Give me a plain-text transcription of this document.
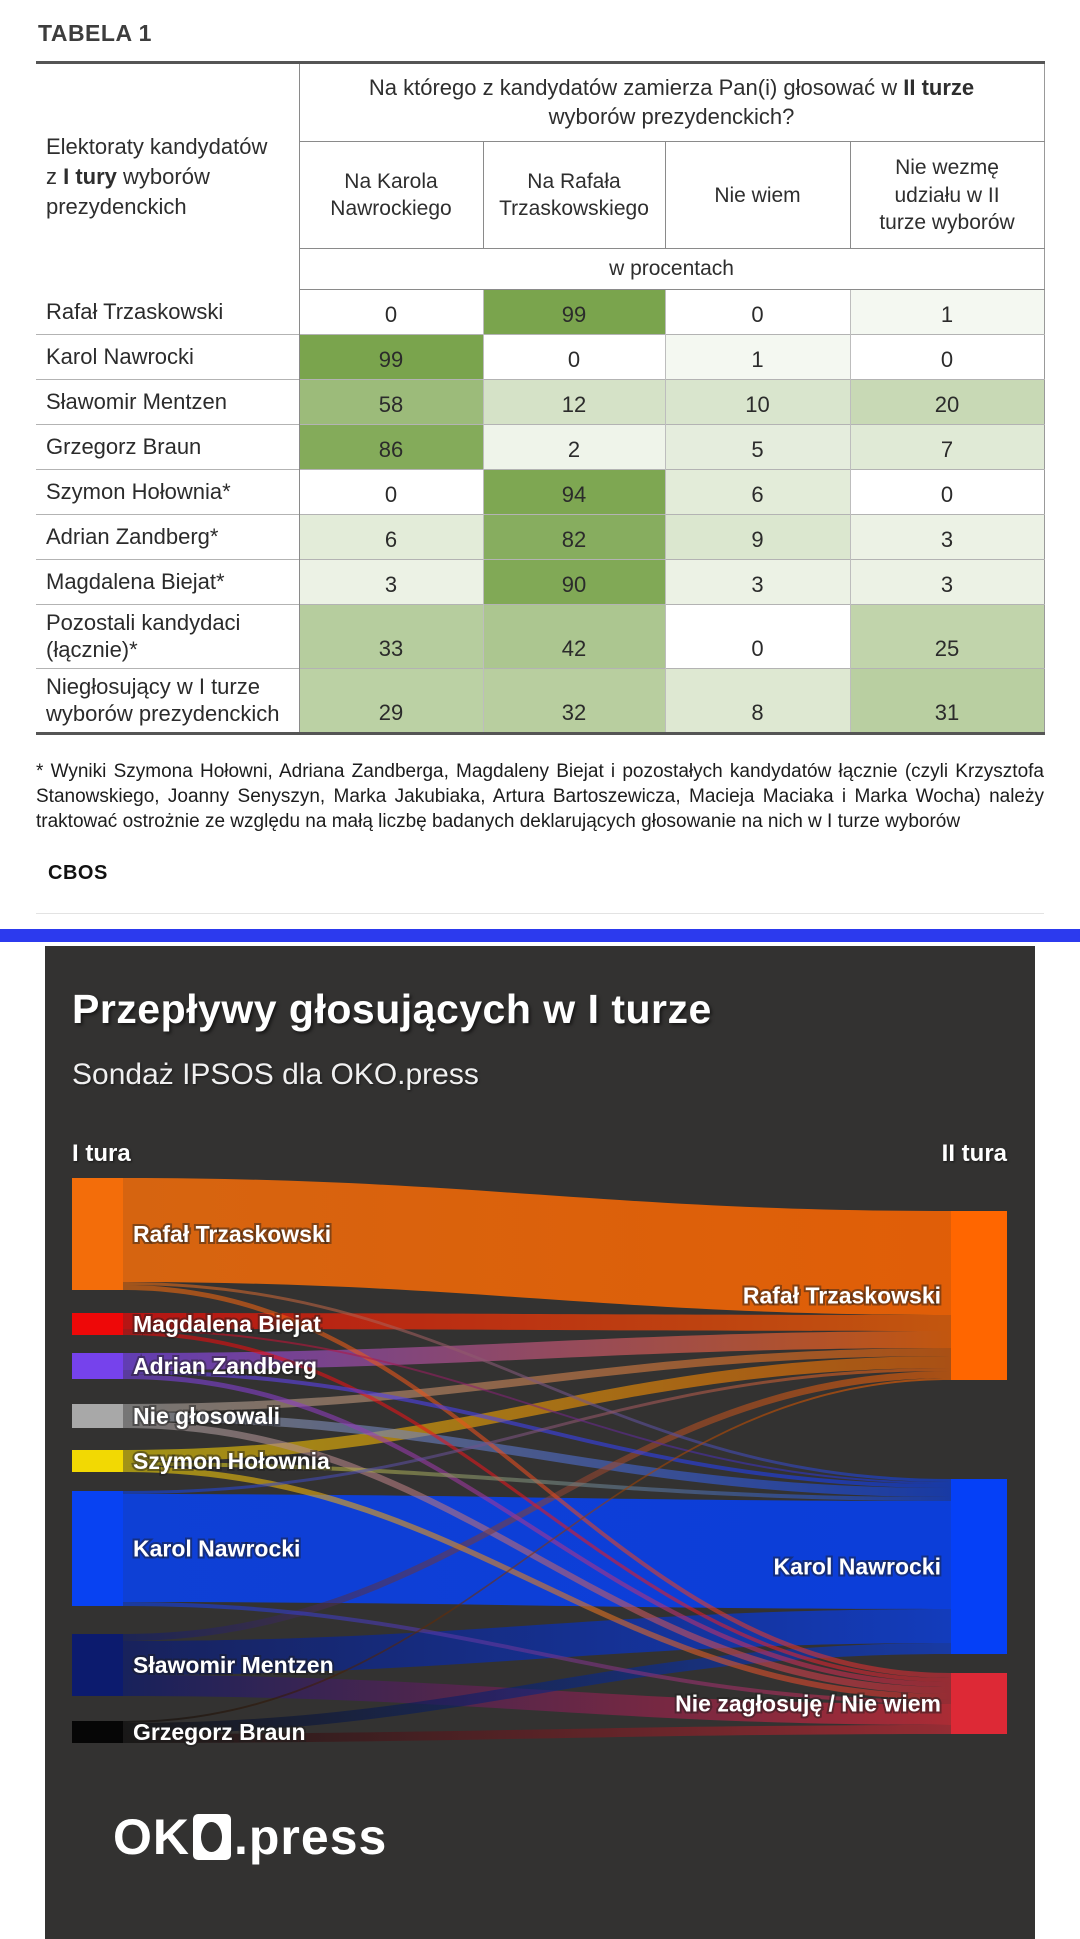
TABELA 1
Elektoraty kandydatów z I tury wyborów prezydenckich	Na którego z kandydatów zamierza Pan(i) głosować w II turze wyborów prezydenckich?			
	Na Karola Nawrockiego	Na Rafała Trzaskowskiego	Nie wiem	Nie wezmę udziału w II turze wyborów
	w procentach			
Rafał Trzaskowski	0	99	0	1
Karol Nawrocki	99	0	1	0
Sławomir Mentzen	58	12	10	20
Grzegorz Braun	86	2	5	7
Szymon Hołownia*	0	94	6	0
Adrian Zandberg*	6	82	9	3
Magdalena Biejat*	3	90	3	3
Pozostali kandydaci (łącznie)*	33	42	0	25
Niegłosujący w I turze wyborów prezydenckich	29	32	8	31

* Wyniki Szymona Hołowni, Adriana Zandberga, Magdaleny Biejat i pozostałych kandydatów łącznie (czyli Krzysztofa Stanowskiego, Joanny Senyszyn, Marka Jakubiaka, Artura Bartoszewicza, Macieja Maciaka i Marka Wocha) należy traktować ostrożnie ze względu na małą liczbę badanych deklarujących głosowanie na nich w I turze wyborów

CBOS

Przepływy głosujących w I turze

Sondaż IPSOS dla OKO.press

I tura	II tura
Rafał Trzaskowski
Magdalena Biejat
Adrian Zandberg
Nie głosowali
Szymon Hołownia
Karol Nawrocki
Sławomir Mentzen
Grzegorz Braun
Rafał Trzaskowski
Karol Nawrocki
Nie zagłosuję / Nie wiem
OK .press
